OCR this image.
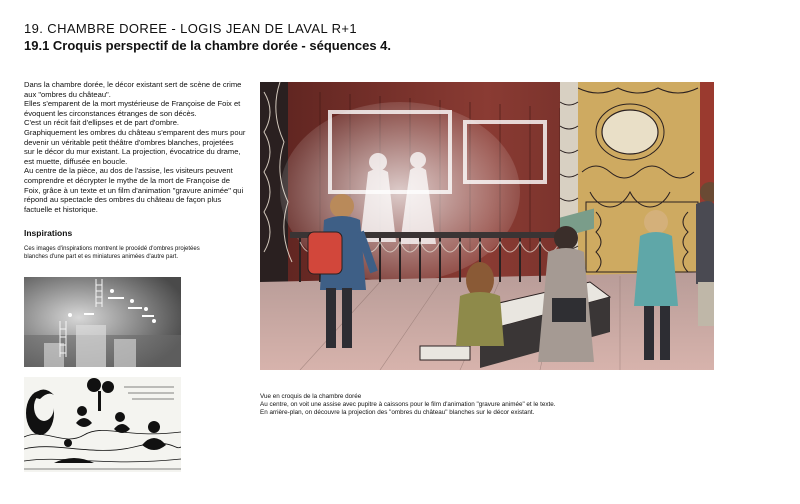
19. CHAMBRE DOREE - LOGIS JEAN DE LAVAL R+1
19.1 Croquis perspectif de la chambre dorée - séquences 4.

Dans la chambre dorée, le décor existant sert de scène de crime aux "ombres du château".

Elles s'emparent de la mort mystérieuse de Françoise de Foix et évoquent les circonstances étranges de son décès.

C'est un récit fait d'ellipses et de part d'ombre.

Graphiquement les ombres du château s'emparent des murs pour devenir un véritable petit théâtre d'ombres blanches, projetées sur le décor du mur existant. La projection, évocatrice du drame, est muette, diffusée en boucle.

Au centre de la pièce, au dos de l'assise, les visiteurs peuvent comprendre et décrypter le mythe de la mort de Françoise de Foix, grâce à un texte et un film d'animation "gravure animée" qui répond au spectacle des ombres du château de façon plus factuelle et historique.

Inspirations
Ces images d'inspirations montrent le procédé d'ombres projetées blanches d'une part et es miniatures animées d'autre part.
Vue en croquis de la chambre dorée
Au centre, on voit une assise avec pupitre à caissons pour le film d'animation "gravure animée" et le texte.
En arrière-plan, on découvre la projection des "ombres du château" blanches sur le décor existant.
